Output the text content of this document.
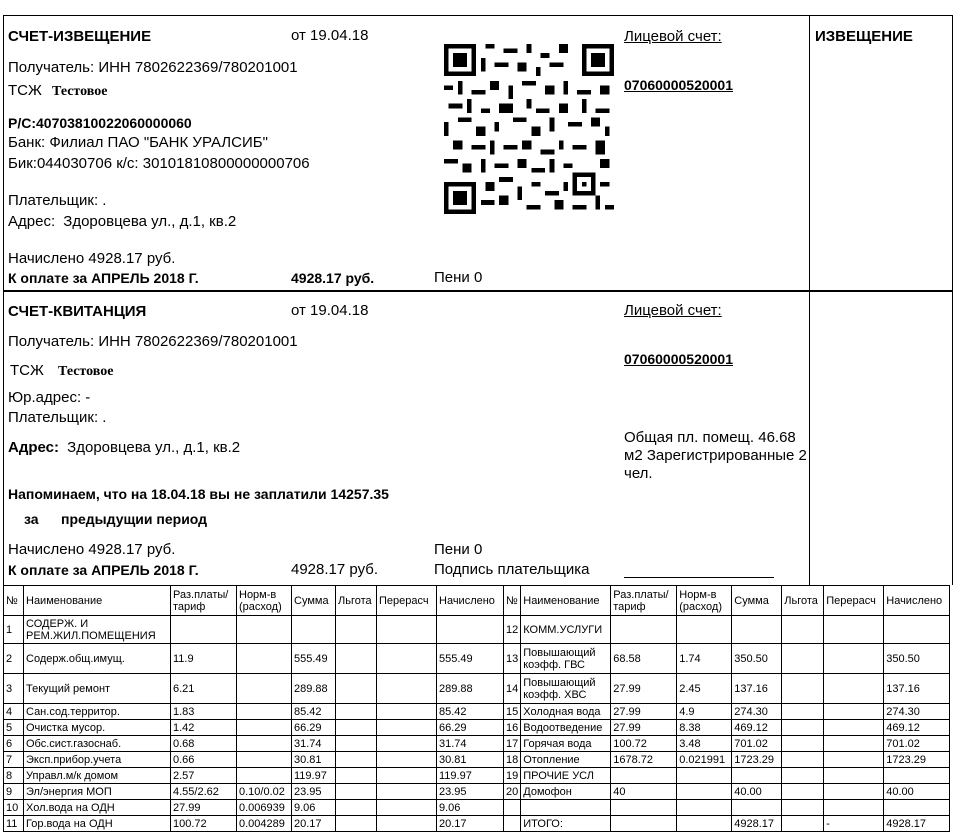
СЧЕТ-ИЗВЕЩЕНИЕ	от 19.04.18
Получатель: ИНН 7802622369/780201001
ТСЖ Тестовое
Р/С:40703810022060000060
Банк: Филиал ПАО "БАНК УРАЛСИБ"
Бик:044030706 к/с: 30101810800000000706
Плательщик: .
Адрес: Здоровцева ул., д.1, кв.2
Начислено 4928.17 руб.
К оплате за АПРЕЛЬ 2018 Г.	4928.17 руб.	Пени 0
Лицевой счет:
07060000520001
ИЗВЕЩЕНИЕ
СЧЕТ-КВИТАНЦИЯ	от 19.04.18
Получатель: ИНН 7802622369/780201001
ТСЖ Тестовое
Юр.адрес: -
Плательщик: .
Адрес: Здоровцева ул., д.1, кв.2
Напоминаем, что на 18.04.18 вы не заплатили 14257.35
за предыдущии период
Начислено 4928.17 руб.
К оплате за АПРЕЛЬ 2018 Г.	4928.17 руб.
Пени 0
Подпись плательщика
Лицевой счет:
07060000520001
Общая пл. помещ. 46.68 м2 Зарегистрированные 2 чел.
№	Наименование	Раз.платы/ тариф	Норм-в (расход)	Сумма	Льгота	Перерасч	Начислено	№	Наименование	Раз.платы/ тариф	Норм-в (расход)	Сумма	Льгота	Перерасч	Начислено
1	СОДЕРЖ. И РЕМ.ЖИЛ.ПОМЕЩЕНИЯ							12	КОММ.УСЛУГИ						
2	Содерж.общ.имущ.	11.9		555.49			555.49	13	Повышающий коэфф. ГВС	68.58	1.74	350.50			350.50
3	Текущий ремонт	6.21		289.88			289.88	14	Повышающий коэфф. ХВС	27.99	2.45	137.16			137.16
4	Сан.сод.территор.	1.83		85.42			85.42	15	Холодная вода	27.99	4.9	274.30			274.30
5	Очистка мусор.	1.42		66.29			66.29	16	Водоотведение	27.99	8.38	469.12			469.12
6	Обс.сист.газоснаб.	0.68		31.74			31.74	17	Горячая вода	100.72	3.48	701.02			701.02
7	Эксп.прибор.учета	0.66		30.81			30.81	18	Отопление	1678.72	0.021991	1723.29			1723.29
8	Управл.м/к домом	2.57		119.97			119.97	19	ПРОЧИЕ УСЛ						
9	Эл/энергия МОП	4.55/2.62	0.10/0.02	23.95			23.95	20	Домофон	40		40.00			40.00
10	Хол.вода на ОДН	27.99	0.006939	9.06			9.06								
11	Гор.вода на ОДН	100.72	0.004289	20.17			20.17		ИТОГО:			4928.17		-	4928.17
